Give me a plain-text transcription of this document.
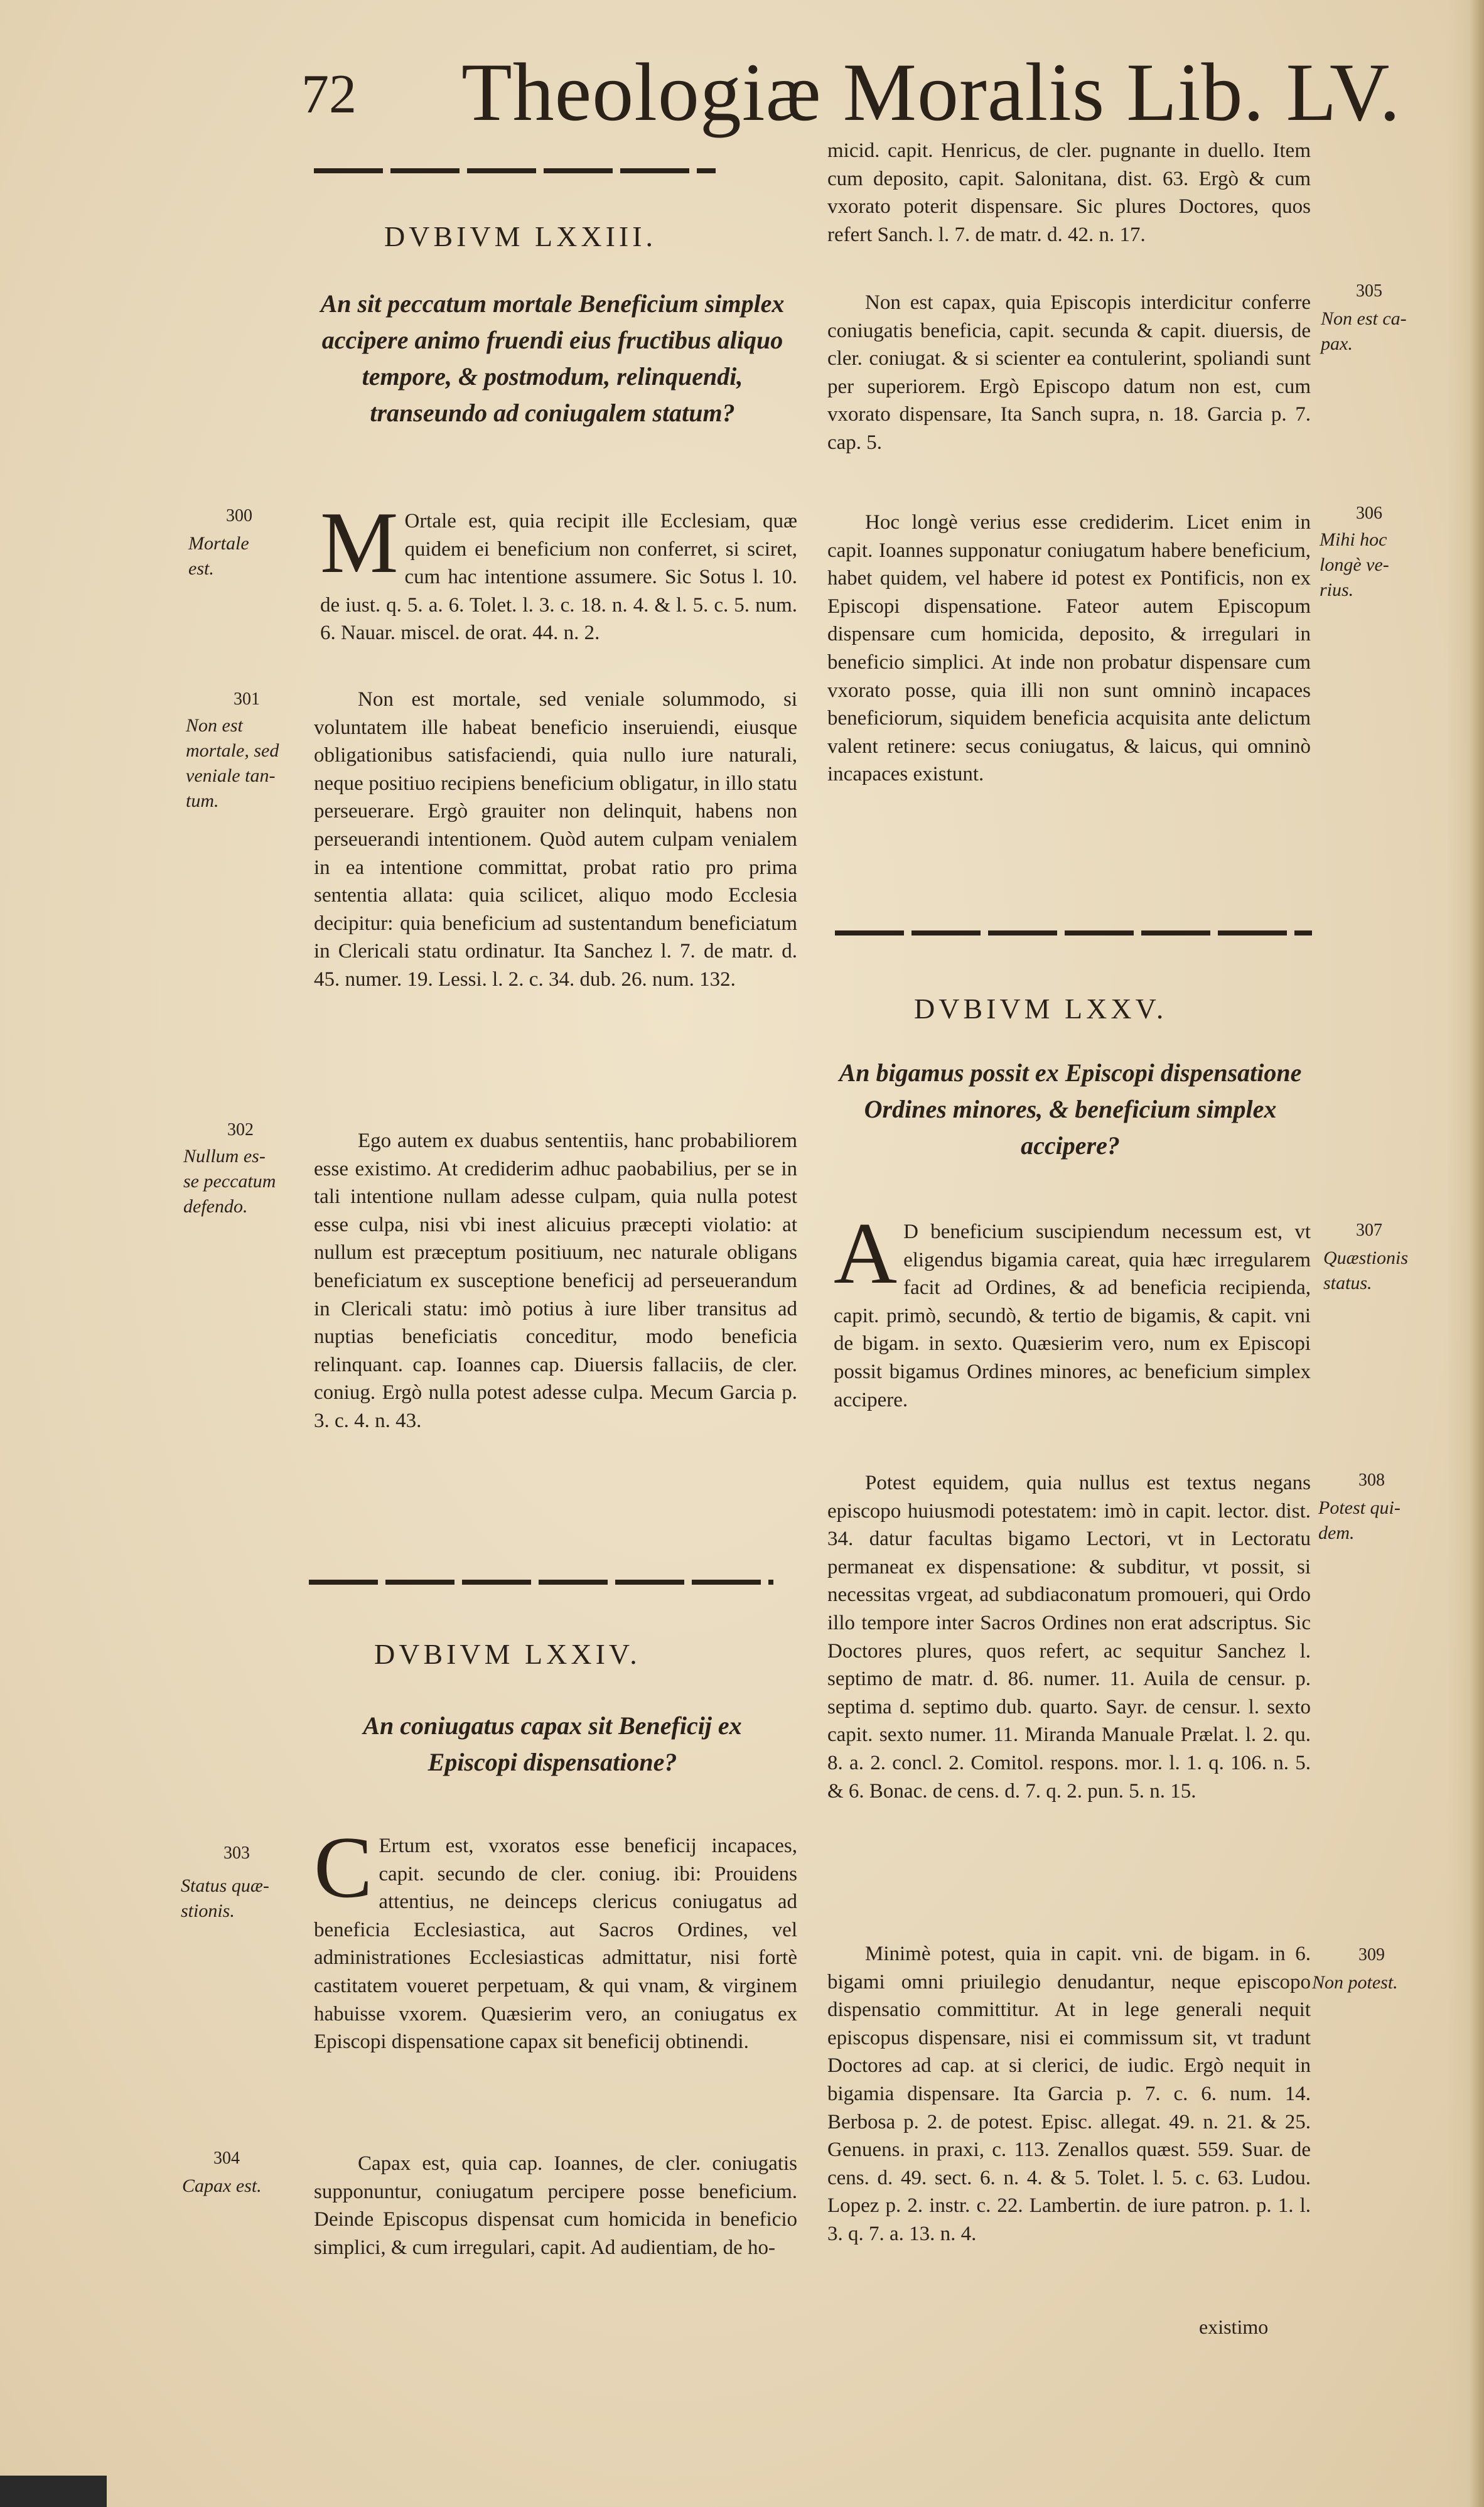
72 Theologiæ Moralis Lib. LV.
DVBIVM LXXIII.

An sit peccatum mortale Beneficium simplex accipere animo fruendi eius fructibus aliquo tempore, & postmodum, relinquendi, transeundo ad coniugalem statum?

M Ortale est, quia recipit ille Ecclesiam, quæ quidem ei beneficium non conferret, si sciret, cum hac intentione assumere. Sic Sotus l. 10. de iust. q. 5. a. 6. Tolet. l. 3. c. 18. n. 4. & l. 5. c. 5. num. 6. Nauar. miscel. de orat. 44. n. 2.

Non est mortale, sed veniale solummodo, si voluntatem ille habeat beneficio inseruiendi, eiusque obligationibus satisfaciendi, quia nullo iure naturali, neque positiuo recipiens beneficium obligatur, in illo statu perseuerare. Ergò grauiter non delinquit, habens non perseuerandi intentionem. Quòd autem culpam venialem in ea intentione committat, probat ratio pro prima sententia allata: quia scilicet, aliquo modo Ecclesia decipitur: quia beneficium ad sustentandum beneficiatum in Clericali statu ordinatur. Ita Sanchez l. 7. de matr. d. 45. numer. 19. Lessi. l. 2. c. 34. dub. 26. num. 132.

Ego autem ex duabus sententiis, hanc probabiliorem esse existimo. At crediderim adhuc paobabilius, per se in tali intentione nullam adesse culpam, quia nulla potest esse culpa, nisi vbi inest alicuius præcepti violatio: at nullum est præceptum positiuum, nec naturale obligans beneficiatum ex susceptione beneficij ad perseuerandum in Clericali statu: imò potius à iure liber transitus ad nuptias beneficiatis conceditur, modo beneficia relinquant. cap. Ioannes cap. Diuersis fallaciis, de cler. coniug. Ergò nulla potest adesse culpa. Mecum Garcia p. 3. c. 4. n. 43.

DVBIVM LXXIV.

An coniugatus capax sit Beneficij ex Episcopi dispensatione?

C Ertum est, vxoratos esse beneficij incapaces, capit. secundo de cler. coniug. ibi: Prouidens attentius, ne deinceps clericus coniugatus ad beneficia Ecclesiastica, aut Sacros Ordines, vel administrationes Ecclesiasticas admittatur, nisi fortè castitatem voueret perpetuam, & qui vnam, & virginem habuisse vxorem. Quæsierim vero, an coniugatus ex Episcopi dispensatione capax sit beneficij obtinendi.

Capax est, quia cap. Ioannes, de cler. coniugatis supponuntur, coniugatum percipere posse beneficium. Deinde Episcopus dispensat cum homicida in beneficio simplici, & cum irregulari, capit. Ad audientiam, de ho-

micid. capit. Henricus, de cler. pugnante in duello. Item cum deposito, capit. Salonitana, dist. 63. Ergò & cum vxorato poterit dispensare. Sic plures Doctores, quos refert Sanch. l. 7. de matr. d. 42. n. 17.

Non est capax, quia Episcopis interdicitur conferre coniugatis beneficia, capit. secunda & capit. diuersis, de cler. coniugat. & si scienter ea contulerint, spoliandi sunt per superiorem. Ergò Episcopo datum non est, cum vxorato dispensare, Ita Sanch supra, n. 18. Garcia p. 7. cap. 5.

Hoc longè verius esse crediderim. Licet enim in capit. Ioannes supponatur coniugatum habere beneficium, habet quidem, vel habere id potest ex Pontificis, non ex Episcopi dispensatione. Fateor autem Episcopum dispensare cum homicida, deposito, & irregulari in beneficio simplici. At inde non probatur dispensare cum vxorato posse, quia illi non sunt omninò incapaces beneficiorum, siquidem beneficia acquisita ante delictum valent retinere: secus coniugatus, & laicus, qui omninò incapaces existunt.

DVBIVM LXXV.

An bigamus possit ex Episcopi dispensatione Ordines minores, & beneficium simplex accipere?

A D beneficium suscipiendum necessum est, vt eligendus bigamia careat, quia hæc irregularem facit ad Ordines, & ad beneficia recipienda, capit. primò, secundò, & tertio de bigamis, & capit. vni de bigam. in sexto. Quæsierim vero, num ex Episcopi possit bigamus Ordines minores, ac beneficium simplex accipere.

Potest equidem, quia nullus est textus negans episcopo huiusmodi potestatem: imò in capit. lector. dist. 34. datur facultas bigamo Lectori, vt in Lectoratu permaneat ex dispensatione: & subditur, vt possit, si necessitas vrgeat, ad subdiaconatum promoueri, qui Ordo illo tempore inter Sacros Ordines non erat adscriptus. Sic Doctores plures, quos refert, ac sequitur Sanchez l. septimo de matr. d. 86. numer. 11. Auila de censur. p. septima d. septimo dub. quarto. Sayr. de censur. l. sexto capit. sexto numer. 11. Miranda Manuale Prælat. l. 2. qu. 8. a. 2. concl. 2. Comitol. respons. mor. l. 1. q. 106. n. 5. & 6. Bonac. de cens. d. 7. q. 2. pun. 5. n. 15.

Minimè potest, quia in capit. vni. de bigam. in 6. bigami omni priuilegio denudantur, neque episcopo dispensatio committitur. At in lege generali nequit episcopus dispensare, nisi ei commissum sit, vt tradunt Doctores ad cap. at si clerici, de iudic. Ergò nequit in bigamia dispensare. Ita Garcia p. 7. c. 6. num. 14. Berbosa p. 2. de potest. Episc. allegat. 49. n. 21. & 25. Genuens. in praxi, c. 113. Zenallos quæst. 559. Suar. de cens. d. 49. sect. 6. n. 4. & 5. Tolet. l. 5. c. 63. Ludou. Lopez p. 2. instr. c. 22. Lambertin. de iure patron. p. 1. l. 3. q. 7. a. 13. n. 4.

existimo
300

Mortale
est.

301

Non est
mortale, sed
veniale tan-
tum.

302

Nullum es-
se peccatum
defendo.

303

Status quæ-
stionis.

304

Capax est.

305

Non est ca-
pax.

306

Mihi hoc
longè ve-
rius.

307

Quæstionis
status.

308

Potest qui-
dem.

309

Non potest.
